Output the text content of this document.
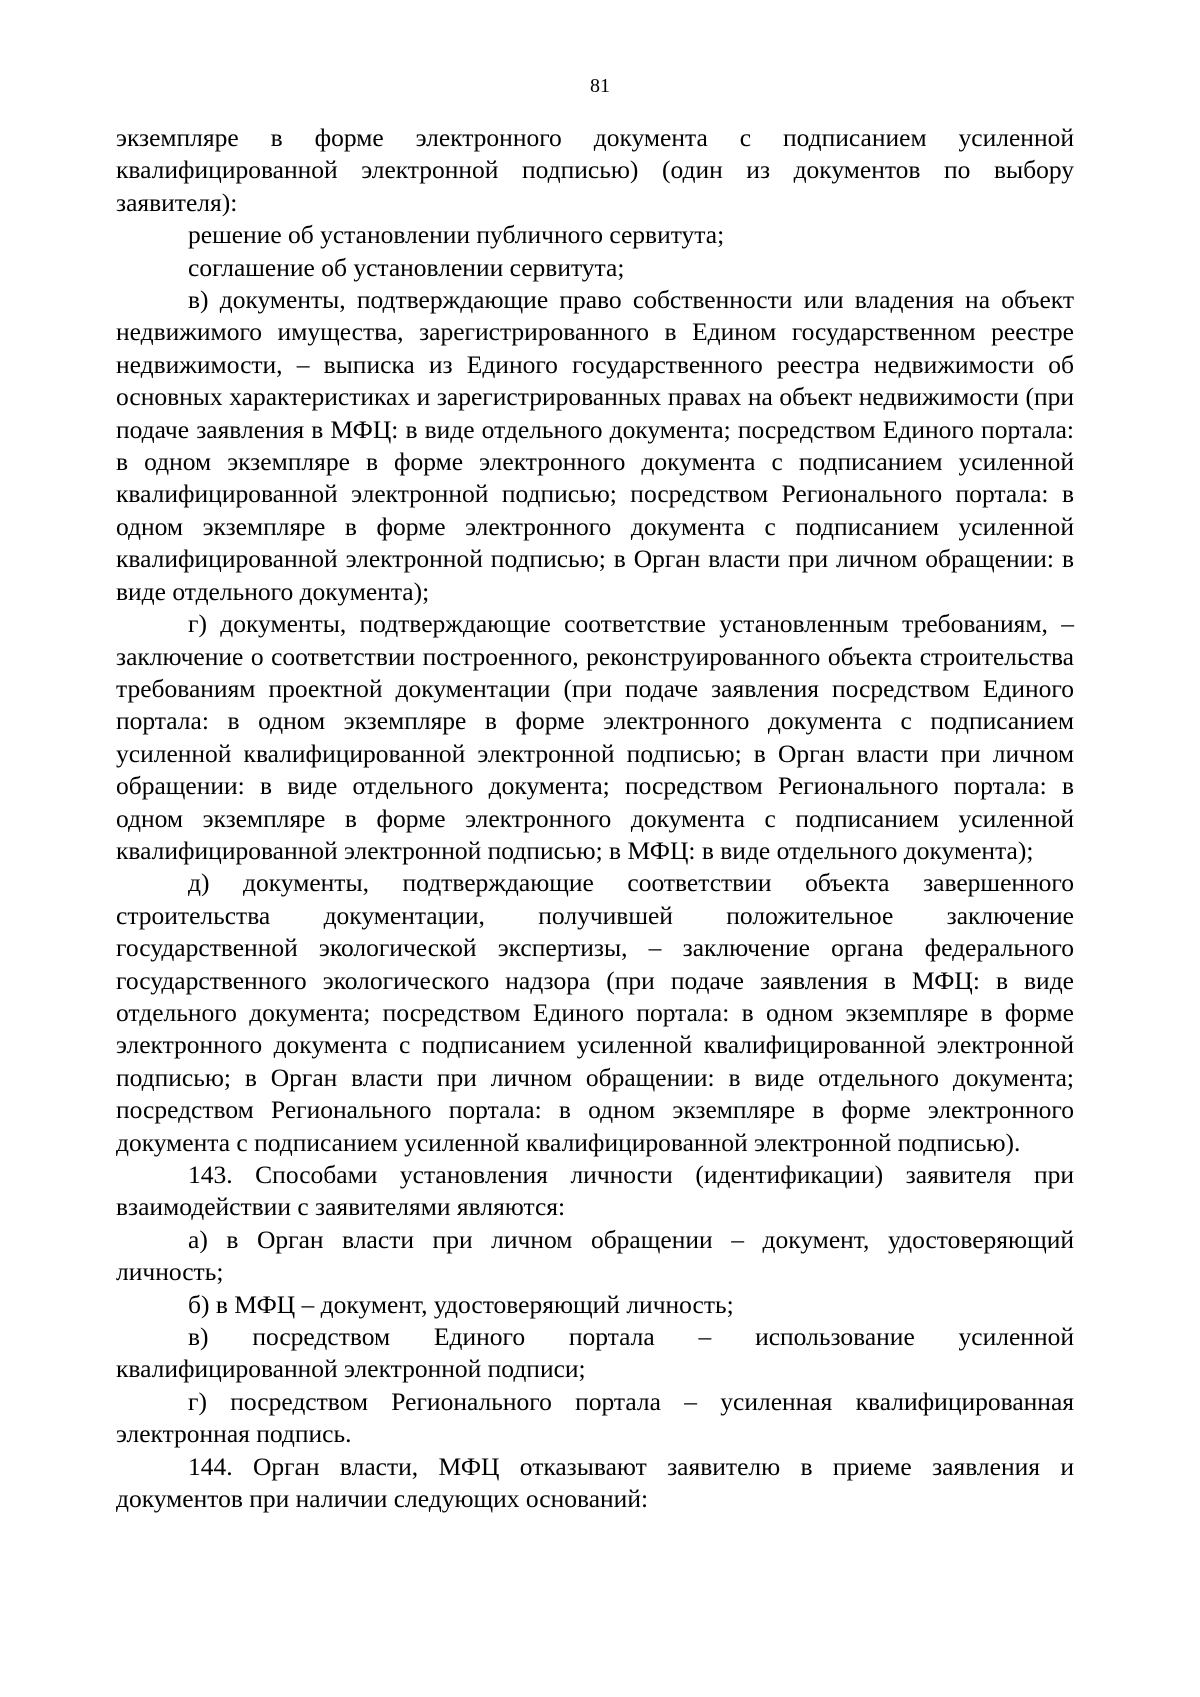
81

экземпляре в форме электронного документа с подписанием усиленной квалифицированной электронной подписью) (один из документов по выбору заявителя):

решение об установлении публичного сервитута;

соглашение об установлении сервитута;

в) документы, подтверждающие право собственности или владения на объект недвижимого имущества, зарегистрированного в Едином государственном реестре недвижимости, – выписка из Единого государственного реестра недвижимости об основных характеристиках и зарегистрированных правах на объект недвижимости (при подаче заявления в МФЦ: в виде отдельного документа; посредством Единого портала: в одном экземпляре в форме электронного документа с подписанием усиленной квалифицированной электронной подписью; посредством Регионального портала: в одном экземпляре в форме электронного документа с подписанием усиленной квалифицированной электронной подписью; в Орган власти при личном обращении: в виде отдельного документа);

г) документы, подтверждающие соответствие установленным требованиям, – заключение о соответствии построенного, реконструированного объекта строительства требованиям проектной документации (при подаче заявления посредством Единого портала: в одном экземпляре в форме электронного документа с подписанием усиленной квалифицированной электронной подписью; в Орган власти при личном обращении: в виде отдельного документа; посредством Регионального портала: в одном экземпляре в форме электронного документа с подписанием усиленной квалифицированной электронной подписью; в МФЦ: в виде отдельного документа);

д) документы, подтверждающие соответствии объекта завершенного строительства документации, получившей положительное заключение государственной экологической экспертизы, – заключение органа федерального государственного экологического надзора (при подаче заявления в МФЦ: в виде отдельного документа; посредством Единого портала: в одном экземпляре в форме электронного документа с подписанием усиленной квалифицированной электронной подписью; в Орган власти при личном обращении: в виде отдельного документа; посредством Регионального портала: в одном экземпляре в форме электронного документа с подписанием усиленной квалифицированной электронной подписью).

143. Способами установления личности (идентификации) заявителя при взаимодействии с заявителями являются:

а) в Орган власти при личном обращении – документ, удостоверяющий личность;

б) в МФЦ – документ, удостоверяющий личность;

в) посредством Единого портала – использование усиленной квалифицированной электронной подписи;

г) посредством Регионального портала – усиленная квалифицированная электронная подпись.

144. Орган власти, МФЦ отказывают заявителю в приеме заявления и документов при наличии следующих оснований:
